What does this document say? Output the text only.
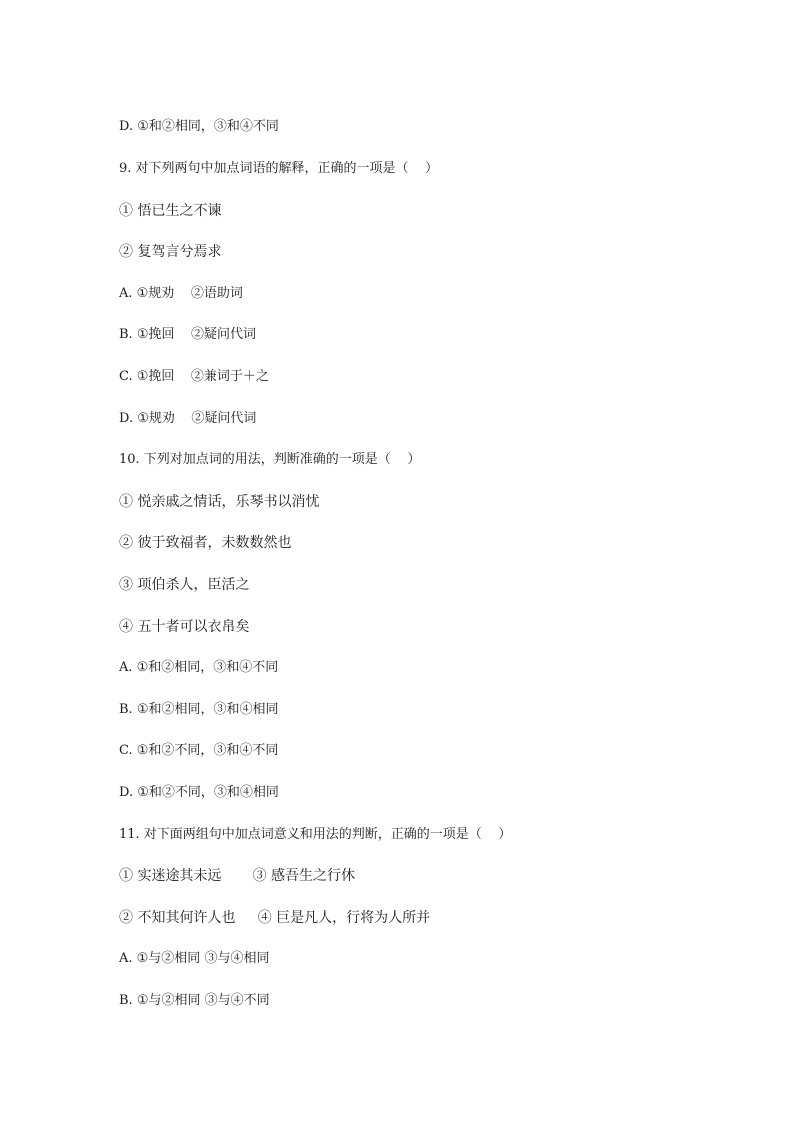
D. ①和②相同，③和④不同
9. 对下列两句中加点词语的解释，正确的一项是（    ）
① 悟已生之不谏
② 复驾言兮焉求
A. ①规劝    ②语助词
B. ①挽回    ②疑问代词
C. ①挽回    ②兼词于＋之
D. ①规劝    ②疑问代词
10. 下列对加点词的用法，判断准确的一项是（    ）
① 悦亲戚之情话，乐琴书以消忧
② 彼于致福者，未数数然也
③ 项伯杀人，臣活之
④ 五十者可以衣帛矣
A. ①和②相同，③和④不同
B. ①和②相同，③和④相同
C. ①和②不同，③和④不同
D. ①和②不同，③和④相同
11. 对下面两组句中加点词意义和用法的判断，正确的一项是（    ）
① 实迷途其未远       ③ 感吾生之行休
② 不知其何许人也     ④ 巨是凡人，行将为人所并
A. ①与②相同 ③与④相同
B. ①与②相同 ③与④不同
